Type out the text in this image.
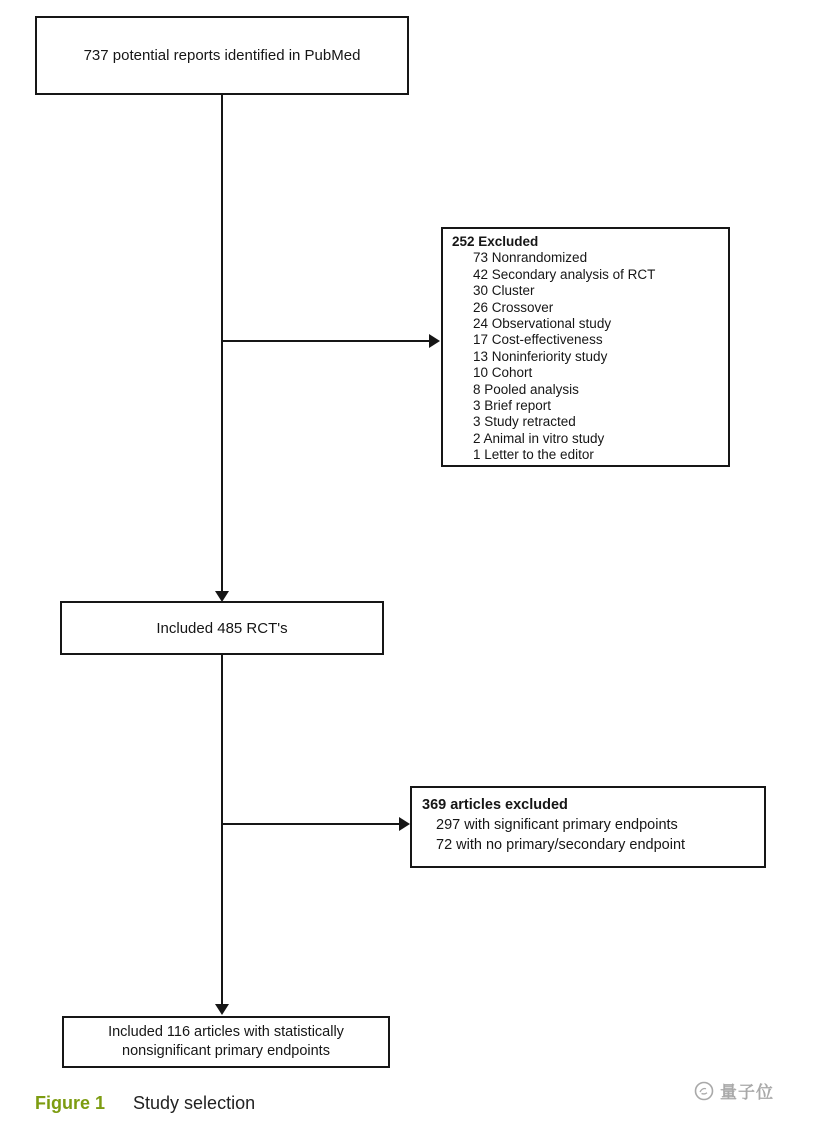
737 potential reports identified in PubMed
252 Excluded
73 Nonrandomized
42 Secondary analysis of RCT
30 Cluster
26 Crossover
24 Observational study
17 Cost-effectiveness
13 Noninferiority study
10 Cohort
8 Pooled analysis
3 Brief report
3 Study retracted
2 Animal in vitro study
1 Letter to the editor
Included 485 RCT's
369 articles excluded
297 with significant primary endpoints
72 with no primary/secondary endpoint
Included 116 articles with statistically
nonsignificant primary endpoints
Figure 1 Study selection
量子位
